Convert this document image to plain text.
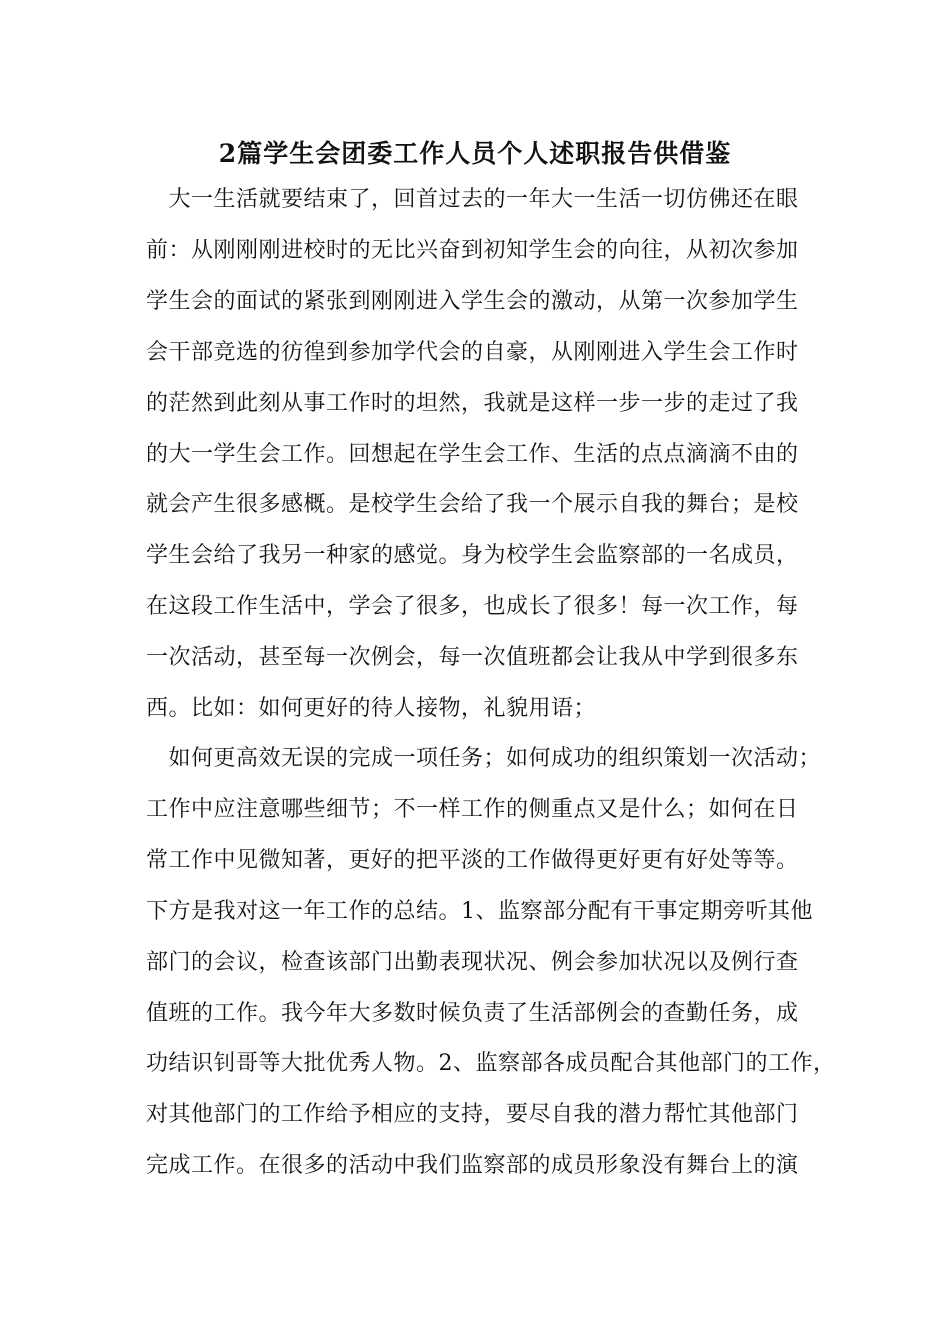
2篇学生会团委工作人员个人述职报告供借鉴
　大一生活就要结束了，回首过去的一年大一生活一切仿佛还在眼
前：从刚刚刚进校时的无比兴奋到初知学生会的向往，从初次参加
学生会的面试的紧张到刚刚进入学生会的激动，从第一次参加学生
会干部竞选的彷徨到参加学代会的自豪，从刚刚进入学生会工作时
的茫然到此刻从事工作时的坦然，我就是这样一步一步的走过了我
的大一学生会工作。回想起在学生会工作、生活的点点滴滴不由的
就会产生很多感概。是校学生会给了我一个展示自我的舞台；是校
学生会给了我另一种家的感觉。身为校学生会监察部的一名成员，
在这段工作生活中，学会了很多，也成长了很多！每一次工作，每
一次活动，甚至每一次例会，每一次值班都会让我从中学到很多东
西。比如：如何更好的待人接物，礼貌用语；
　如何更高效无误的完成一项任务；如何成功的组织策划一次活动；
工作中应注意哪些细节；不一样工作的侧重点又是什么；如何在日
常工作中见微知著，更好的把平淡的工作做得更好更有好处等等。
下方是我对这一年工作的总结。1、监察部分配有干事定期旁听其他
部门的会议，检查该部门出勤表现状况、例会参加状况以及例行查
值班的工作。我今年大多数时候负责了生活部例会的查勤任务，成
功结识钊哥等大批优秀人物。2、监察部各成员配合其他部门的工作，
对其他部门的工作给予相应的支持，要尽自我的潜力帮忙其他部门
完成工作。在很多的活动中我们监察部的成员形象没有舞台上的演
